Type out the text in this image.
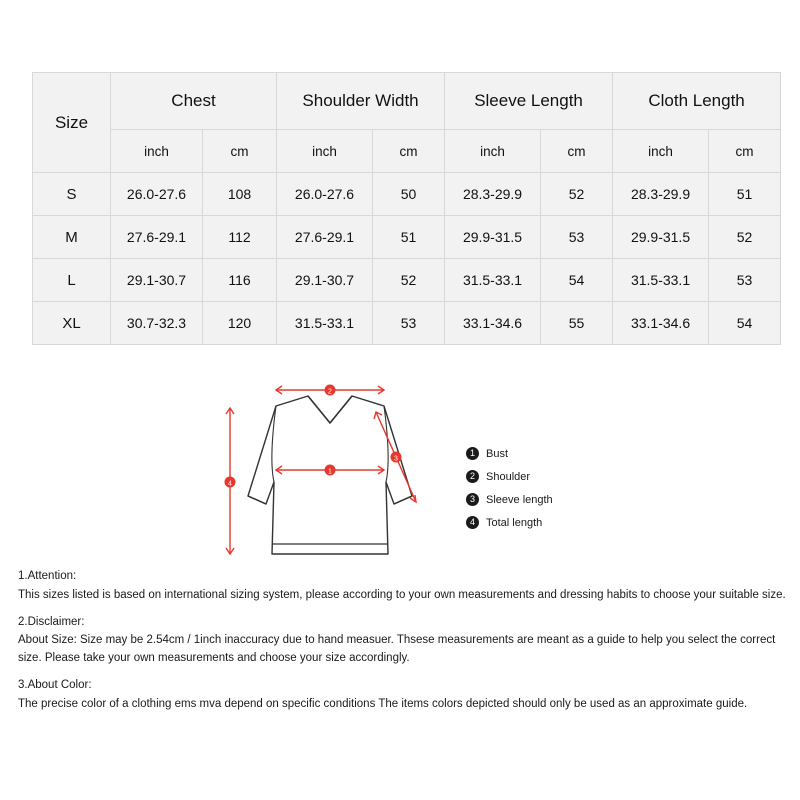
Size	Chest		Shoulder Width		Sleeve Length		Cloth Length	
	inch	cm	inch	cm	inch	cm	inch	cm
S	26.0-27.6	108	26.0-27.6	50	28.3-29.9	52	28.3-29.9	51
M	27.6-29.1	112	27.6-29.1	51	29.9-31.5	53	29.9-31.5	52
L	29.1-30.7	116	29.1-30.7	52	31.5-33.1	54	31.5-33.1	53
XL	30.7-32.3	120	31.5-33.1	53	33.1-34.6	55	33.1-34.6	54
2
1
4
3
1	Bust
2	Shoulder
3	Sleeve length
4	Total length
1.Attention:
This sizes listed is based on international sizing system, please according to your own measurements and dressing habits to choose your suitable size.
2.Disclaimer:
About Size: Size may be 2.54cm / 1inch inaccuracy due to hand measuer. Thsese measurements are meant as a guide to help you select the correct size. Please take your own measurements and choose your size accordingly.
3.About Color:
The precise color of a clothing ems mva depend on specific conditions The items colors depicted should only be used as an approximate guide.
